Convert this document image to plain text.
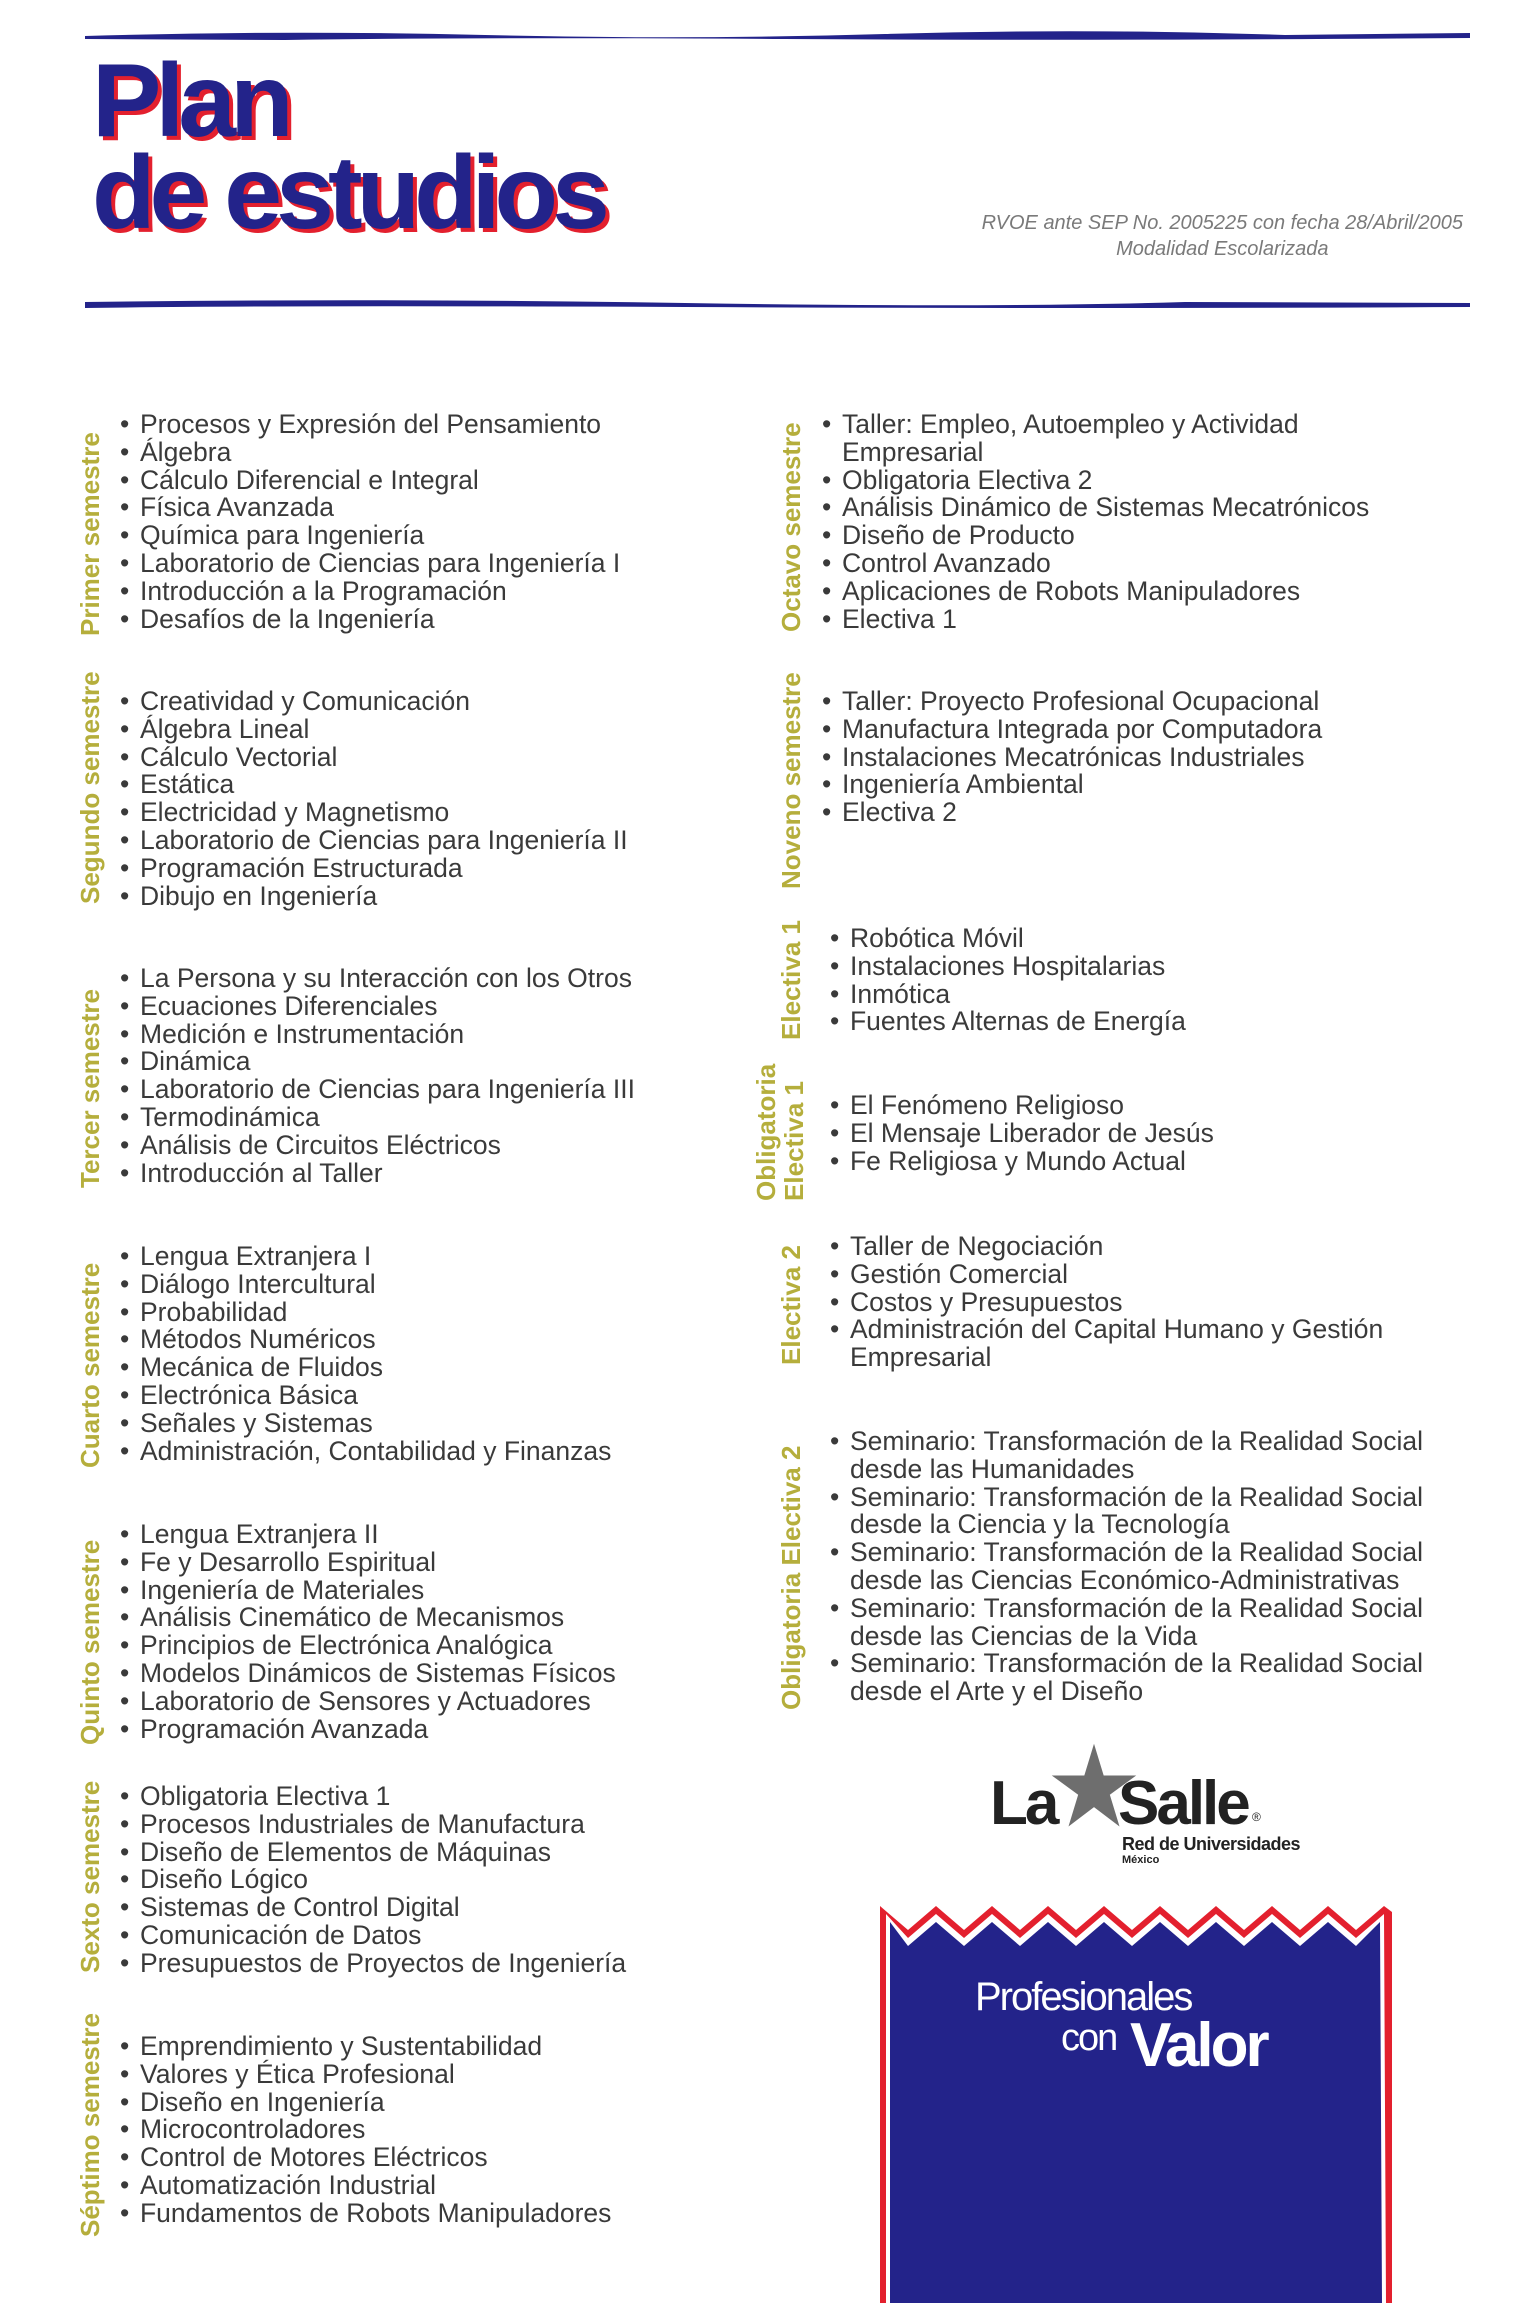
Plan
de estudios	RVOE ante SEP No. 2005225 con fecha 28/Abril/2005
Modalidad Escolarizada
Primer semestre
• Procesos y Expresión del Pensamiento
• Álgebra
• Cálculo Diferencial e Integral
• Física Avanzada
• Química para Ingeniería
• Laboratorio de Ciencias para Ingeniería I
• Introducción a la Programación
• Desafíos de la Ingeniería
Segundo semestre	• Creatividad y Comunicación
• Álgebra Lineal
• Cálculo Vectorial
• Estática
• Electricidad y Magnetismo
• Laboratorio de Ciencias para Ingeniería II
• Programación Estructurada
• Dibujo en Ingeniería
Tercer semestre
• La Persona y su Interacción con los Otros
• Ecuaciones Diferenciales
• Medición e Instrumentación
• Dinámica
• Laboratorio de Ciencias para Ingeniería III
• Termodinámica
• Análisis de Circuitos Eléctricos
• Introducción al Taller
Cuarto semestre
• Lengua Extranjera I
• Diálogo Intercultural
• Probabilidad
• Métodos Numéricos
• Mecánica de Fluidos
• Electrónica Básica
• Señales y Sistemas
• Administración, Contabilidad y Finanzas
Quinto semestre
• Lengua Extranjera II
• Fe y Desarrollo Espiritual
• Ingeniería de Materiales
• Análisis Cinemático de Mecanismos
• Principios de Electrónica Analógica
• Modelos Dinámicos de Sistemas Físicos
• Laboratorio de Sensores y Actuadores
• Programación Avanzada
Sexto semestre	• Obligatoria Electiva 1
• Procesos Industriales de Manufactura
• Diseño de Elementos de Máquinas
• Diseño Lógico
• Sistemas de Control Digital
• Comunicación de Datos
• Presupuestos de Proyectos de Ingeniería
Séptimo semestre	• Emprendimiento y Sustentabilidad
• Valores y Ética Profesional
• Diseño en Ingeniería
• Microcontroladores
• Control de Motores Eléctricos
• Automatización Industrial
• Fundamentos de Robots Manipuladores
Octavo semestre	• Taller: Empleo, Autoempleo y Actividad Empresarial
• Obligatoria Electiva 2
• Análisis Dinámico de Sistemas Mecatrónicos
• Diseño de Producto
• Control Avanzado
• Aplicaciones de Robots Manipuladores
• Electiva 1
Noveno semestre	• Taller: Proyecto Profesional Ocupacional
• Manufactura Integrada por Computadora
• Instalaciones Mecatrónicas Industriales
• Ingeniería Ambiental
• Electiva 2
Electiva 1	• Robótica Móvil
• Instalaciones Hospitalarias
• Inmótica
• Fuentes Alternas de Energía
Obligatoria
Electiva 1	• El Fenómeno Religioso
• El Mensaje Liberador de Jesús
• Fe Religiosa y Mundo Actual
Electiva 2	• Taller de Negociación
• Gestión Comercial
• Costos y Presupuestos
• Administración del Capital Humano y Gestión Empresarial
Obligatoria Electiva 2
• Seminario: Transformación de la Realidad Social desde las Humanidades
• Seminario: Transformación de la Realidad Social desde la Ciencia y la Tecnología
• Seminario: Transformación de la Realidad Social desde las Ciencias Económico-Administrativas
• Seminario: Transformación de la Realidad Social desde las Ciencias de la Vida
• Seminario: Transformación de la Realidad Social desde el Arte y el Diseño
La Salle ®
Red de Universidades
México
Profesionales
con Valor
